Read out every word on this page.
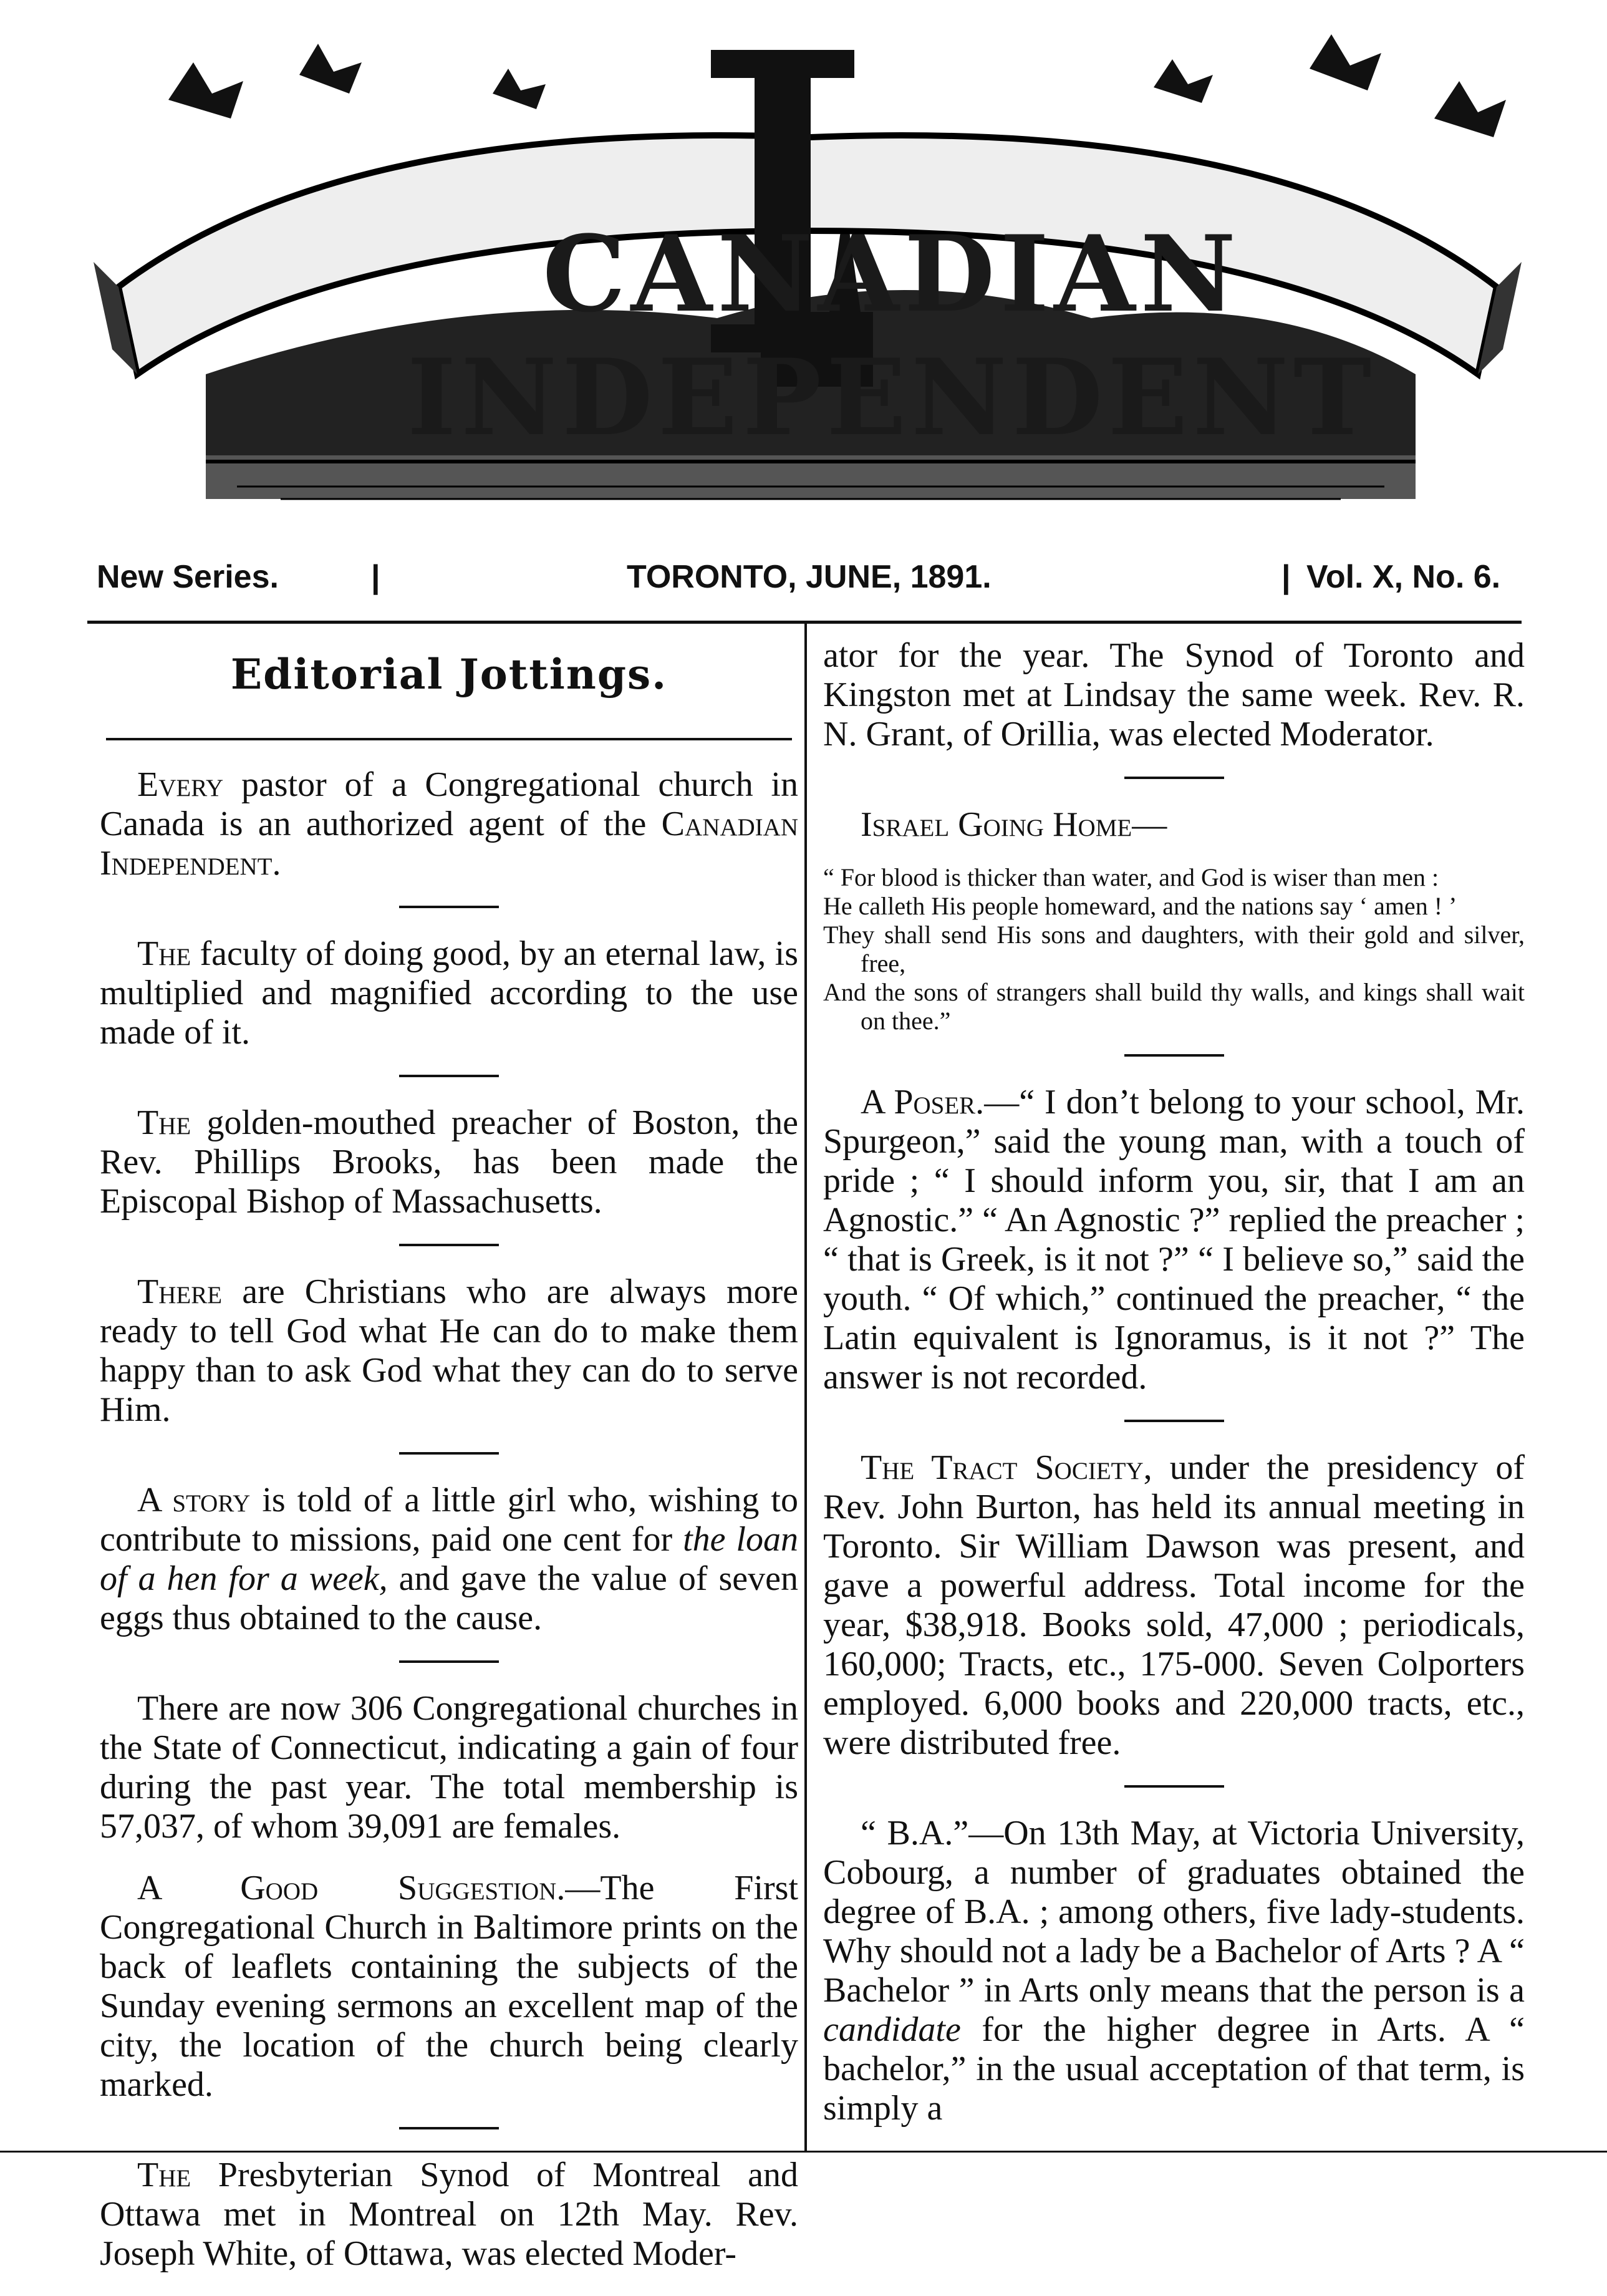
CANADIAN INDEPENDENT
New Series.	|	TORONTO, JUNE, 1891.	| Vol. X, No. 6.
Editorial Jottings.

Every pastor of a Congregational church in Canada is an authorized agent of the Canadian Independent.

The faculty of doing good, by an eternal law, is multiplied and magnified according to the use made of it.

The golden-mouthed preacher of Boston, the Rev. Phillips Brooks, has been made the Episcopal Bishop of Massachusetts.

There are Christians who are always more ready to tell God what He can do to make them happy than to ask God what they can do to serve Him.

A story is told of a little girl who, wishing to contribute to missions, paid one cent for the loan of a hen for a week, and gave the value of seven eggs thus obtained to the cause.

There are now 306 Congregational churches in the State of Connecticut, indicating a gain of four during the past year. The total membership is 57,037, of whom 39,091 are females.

A Good Suggestion.—The First Congregational Church in Baltimore prints on the back of leaflets containing the subjects of the Sunday evening sermons an excellent map of the city, the location of the church being clearly marked.

The Presbyterian Synod of Montreal and Ottawa met in Montreal on 12th May. Rev. Joseph White, of Ottawa, was elected Moder-

ator for the year. The Synod of Toronto and Kingston met at Lindsay the same week. Rev. R. N. Grant, of Orillia, was elected Moderator.

Israel Going Home—
“ For blood is thicker than water, and God is wiser than men :
He calleth His people homeward, and the nations say ‘ amen ! ’
They shall send His sons and daughters, with their gold and silver, free,
And the sons of strangers shall build thy walls, and kings shall wait on thee.”

A Poser.—“ I don’t belong to your school, Mr. Spurgeon,” said the young man, with a touch of pride ; “ I should inform you, sir, that I am an Agnostic.” “ An Agnostic ?” replied the preacher ; “ that is Greek, is it not ?” “ I believe so,” said the youth. “ Of which,” continued the preacher, “ the Latin equivalent is Ignoramus, is it not ?” The answer is not recorded.

The Tract Society, under the presidency of Rev. John Burton, has held its annual meeting in Toronto. Sir William Dawson was present, and gave a powerful address. Total income for the year, $38,918. Books sold, 47,000 ; periodicals, 160,000; Tracts, etc., 175-000. Seven Colporters employed. 6,000 books and 220,000 tracts, etc., were distributed free.

“ B.A.”—On 13th May, at Victoria University, Cobourg, a number of graduates obtained the degree of B.A. ; among others, five lady-students. Why should not a lady be a Bachelor of Arts ? A “ Bachelor ” in Arts only means that the person is a candidate for the higher degree in Arts. A “ bachelor,” in the usual acceptation of that term, is simply a
